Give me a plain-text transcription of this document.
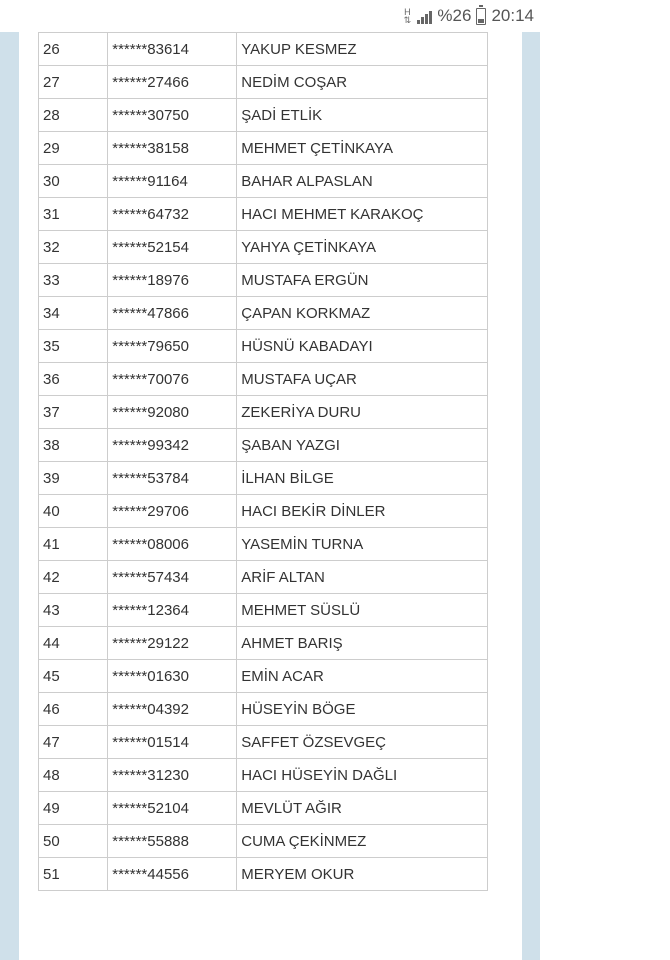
H
⇅ %26 20:14
26	******83614	YAKUP KESMEZ
27	******27466	NEDİM COŞAR
28	******30750	ŞADİ ETLİK
29	******38158	MEHMET ÇETİNKAYA
30	******91164	BAHAR ALPASLAN
31	******64732	HACI MEHMET KARAKOÇ
32	******52154	YAHYA ÇETİNKAYA
33	******18976	MUSTAFA ERGÜN
34	******47866	ÇAPAN KORKMAZ
35	******79650	HÜSNÜ KABADAYI
36	******70076	MUSTAFA UÇAR
37	******92080	ZEKERİYA DURU
38	******99342	ŞABAN YAZGI
39	******53784	İLHAN BİLGE
40	******29706	HACI BEKİR DİNLER
41	******08006	YASEMİN TURNA
42	******57434	ARİF ALTAN
43	******12364	MEHMET SÜSLÜ
44	******29122	AHMET BARIŞ
45	******01630	EMİN ACAR
46	******04392	HÜSEYİN BÖGE
47	******01514	SAFFET ÖZSEVGEÇ
48	******31230	HACI HÜSEYİN DAĞLI
49	******52104	MEVLÜT AĞIR
50	******55888	CUMA ÇEKİNMEZ
51	******44556	MERYEM OKUR
